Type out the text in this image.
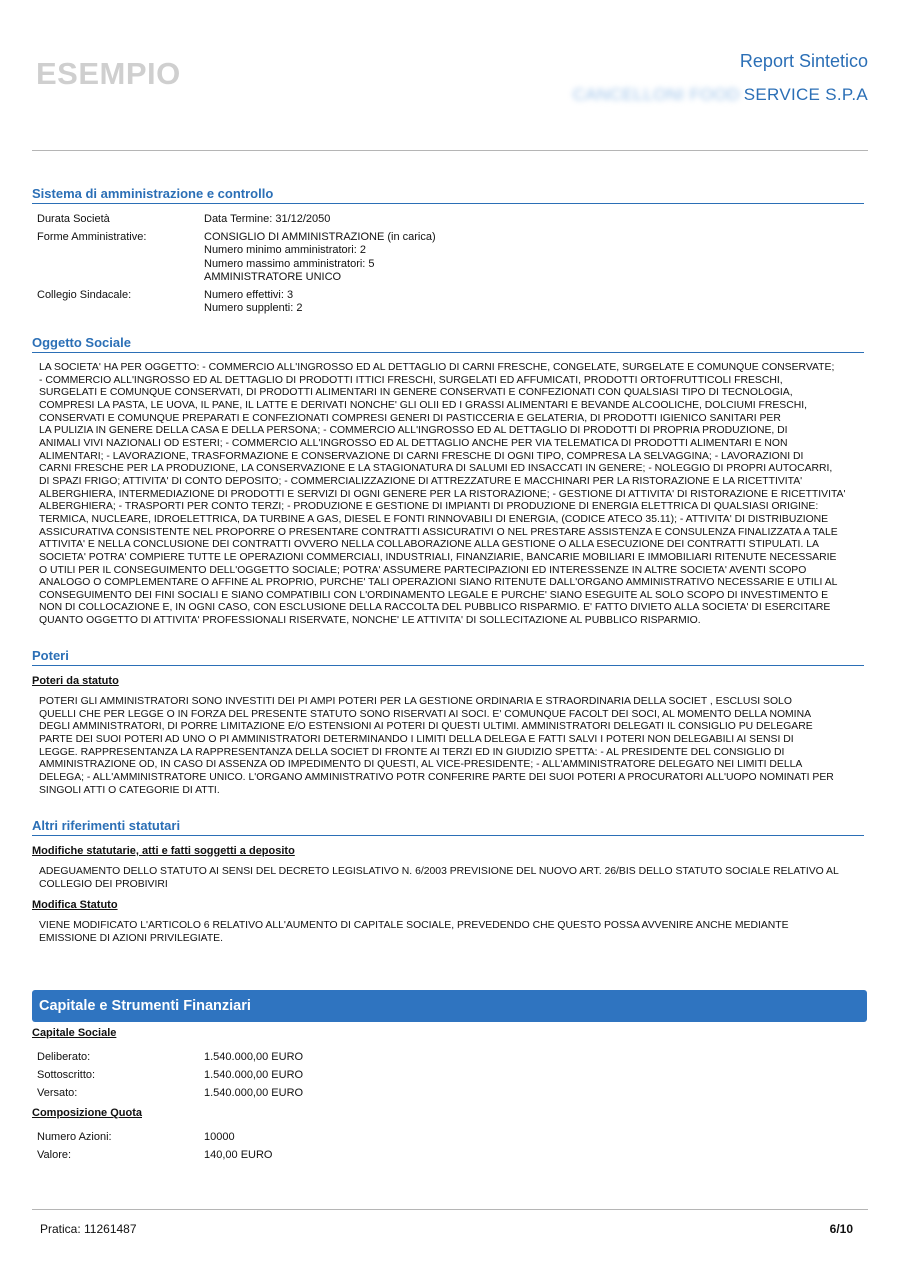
ESEMPIO	Report Sintetico
CANCELLONI FOOD SERVICE S.P.A
Sistema di amministrazione e controllo
Durata Società	Data Termine: 31/12/2050
Forme Amministrative:	CONSIGLIO DI AMMINISTRAZIONE (in carica)
Numero minimo amministratori: 2
Numero massimo amministratori: 5
AMMINISTRATORE UNICO
Collegio Sindacale:	Numero effettivi: 3
Numero supplenti: 2
Oggetto Sociale
LA SOCIETA' HA PER OGGETTO: - COMMERCIO ALL'INGROSSO ED AL DETTAGLIO DI CARNI FRESCHE, CONGELATE, SURGELATE E COMUNQUE CONSERVATE;
- COMMERCIO ALL'INGROSSO ED AL DETTAGLIO DI PRODOTTI ITTICI FRESCHI, SURGELATI ED AFFUMICATI, PRODOTTI ORTOFRUTTICOLI FRESCHI,
SURGELATI E COMUNQUE CONSERVATI, DI PRODOTTI ALIMENTARI IN GENERE CONSERVATI E CONFEZIONATI CON QUALSIASI TIPO DI TECNOLOGIA,
COMPRESI LA PASTA, LE UOVA, IL PANE, IL LATTE E DERIVATI NONCHE' GLI OLII ED I GRASSI ALIMENTARI E BEVANDE ALCOOLICHE, DOLCIUMI FRESCHI,
CONSERVATI E COMUNQUE PREPARATI E CONFEZIONATI COMPRESI GENERI DI PASTICCERIA E GELATERIA, DI PRODOTTI IGIENICO SANITARI PER
LA PULIZIA IN GENERE DELLA CASA E DELLA PERSONA; - COMMERCIO ALL'INGROSSO ED AL DETTAGLIO DI PRODOTTI DI PROPRIA PRODUZIONE, DI
ANIMALI VIVI NAZIONALI OD ESTERI; - COMMERCIO ALL'INGROSSO ED AL DETTAGLIO ANCHE PER VIA TELEMATICA DI PRODOTTI ALIMENTARI E NON
ALIMENTARI; - LAVORAZIONE, TRASFORMAZIONE E CONSERVAZIONE DI CARNI FRESCHE DI OGNI TIPO, COMPRESA LA SELVAGGINA; - LAVORAZIONI DI
CARNI FRESCHE PER LA PRODUZIONE, LA CONSERVAZIONE E LA STAGIONATURA DI SALUMI ED INSACCATI IN GENERE; - NOLEGGIO DI PROPRI AUTOCARRI,
DI SPAZI FRIGO; ATTIVITA' DI CONTO DEPOSITO; - COMMERCIALIZZAZIONE DI ATTREZZATURE E MACCHINARI PER LA RISTORAZIONE E LA RICETTIVITA'
ALBERGHIERA, INTERMEDIAZIONE DI PRODOTTI E SERVIZI DI OGNI GENERE PER LA RISTORAZIONE; - GESTIONE DI ATTIVITA' DI RISTORAZIONE E RICETTIVITA'
ALBERGHIERA; - TRASPORTI PER CONTO TERZI; - PRODUZIONE E GESTIONE DI IMPIANTI DI PRODUZIONE DI ENERGIA ELETTRICA DI QUALSIASI ORIGINE:
TERMICA, NUCLEARE, IDROELETTRICA, DA TURBINE A GAS, DIESEL E FONTI RINNOVABILI DI ENERGIA, (CODICE ATECO 35.11); - ATTIVITA' DI DISTRIBUZIONE
ASSICURATIVA CONSISTENTE NEL PROPORRE O PRESENTARE CONTRATTI ASSICURATIVI O NEL PRESTARE ASSISTENZA E CONSULENZA FINALIZZATA A TALE
ATTIVITA' E NELLA CONCLUSIONE DEI CONTRATTI OVVERO NELLA COLLABORAZIONE ALLA GESTIONE O ALLA ESECUZIONE DEI CONTRATTI STIPULATI. LA
SOCIETA' POTRA' COMPIERE TUTTE LE OPERAZIONI COMMERCIALI, INDUSTRIALI, FINANZIARIE, BANCARIE MOBILIARI E IMMOBILIARI RITENUTE NECESSARIE
O UTILI PER IL CONSEGUIMENTO DELL'OGGETTO SOCIALE; POTRA' ASSUMERE PARTECIPAZIONI ED INTERESSENZE IN ALTRE SOCIETA' AVENTI SCOPO
ANALOGO O COMPLEMENTARE O AFFINE AL PROPRIO, PURCHE' TALI OPERAZIONI SIANO RITENUTE DALL'ORGANO AMMINISTRATIVO NECESSARIE E UTILI AL
CONSEGUIMENTO DEI FINI SOCIALI E SIANO COMPATIBILI CON L'ORDINAMENTO LEGALE E PURCHE' SIANO ESEGUITE AL SOLO SCOPO DI INVESTIMENTO E
NON DI COLLOCAZIONE E, IN OGNI CASO, CON ESCLUSIONE DELLA RACCOLTA DEL PUBBLICO RISPARMIO. E' FATTO DIVIETO ALLA SOCIETA' DI ESERCITARE
QUANTO OGGETTO DI ATTIVITA' PROFESSIONALI RISERVATE, NONCHE' LE ATTIVITA' DI SOLLECITAZIONE AL PUBBLICO RISPARMIO.
Poteri
Poteri da statuto
POTERI GLI AMMINISTRATORI SONO INVESTITI DEI PI AMPI POTERI PER LA GESTIONE ORDINARIA E STRAORDINARIA DELLA SOCIET , ESCLUSI SOLO
QUELLI CHE PER LEGGE O IN FORZA DEL PRESENTE STATUTO SONO RISERVATI AI SOCI. E' COMUNQUE FACOLT DEI SOCI, AL MOMENTO DELLA NOMINA
DEGLI AMMINISTRATORI, DI PORRE LIMITAZIONE E/O ESTENSIONI AI POTERI DI QUESTI ULTIMI. AMMINISTRATORI DELEGATI IL CONSIGLIO PU DELEGARE
PARTE DEI SUOI POTERI AD UNO O PI AMMINISTRATORI DETERMINANDO I LIMITI DELLA DELEGA E FATTI SALVI I POTERI NON DELEGABILI AI SENSI DI
LEGGE. RAPPRESENTANZA LA RAPPRESENTANZA DELLA SOCIET DI FRONTE AI TERZI ED IN GIUDIZIO SPETTA: - AL PRESIDENTE DEL CONSIGLIO DI
AMMINISTRAZIONE OD, IN CASO DI ASSENZA OD IMPEDIMENTO DI QUESTI, AL VICE-PRESIDENTE; - ALL'AMMINISTRATORE DELEGATO NEI LIMITI DELLA
DELEGA; - ALL'AMMINISTRATORE UNICO. L'ORGANO AMMINISTRATIVO POTR CONFERIRE PARTE DEI SUOI POTERI A PROCURATORI ALL'UOPO NOMINATI PER
SINGOLI ATTI O CATEGORIE DI ATTI.
Altri riferimenti statutari
Modifiche statutarie, atti e fatti soggetti a deposito
ADEGUAMENTO DELLO STATUTO AI SENSI DEL DECRETO LEGISLATIVO N. 6/2003 PREVISIONE DEL NUOVO ART. 26/BIS DELLO STATUTO SOCIALE RELATIVO AL
COLLEGIO DEI PROBIVIRI
Modifica Statuto
VIENE MODIFICATO L'ARTICOLO 6 RELATIVO ALL'AUMENTO DI CAPITALE SOCIALE, PREVEDENDO CHE QUESTO POSSA AVVENIRE ANCHE MEDIANTE
EMISSIONE DI AZIONI PRIVILEGIATE.
Capitale e Strumenti Finanziari
Capitale Sociale
Deliberato:	1.540.000,00 EURO
Sottoscritto:	1.540.000,00 EURO
Versato:	1.540.000,00 EURO
Composizione Quota
Numero Azioni:	10000
Valore:	140,00 EURO
Pratica: 11261487	6/10
